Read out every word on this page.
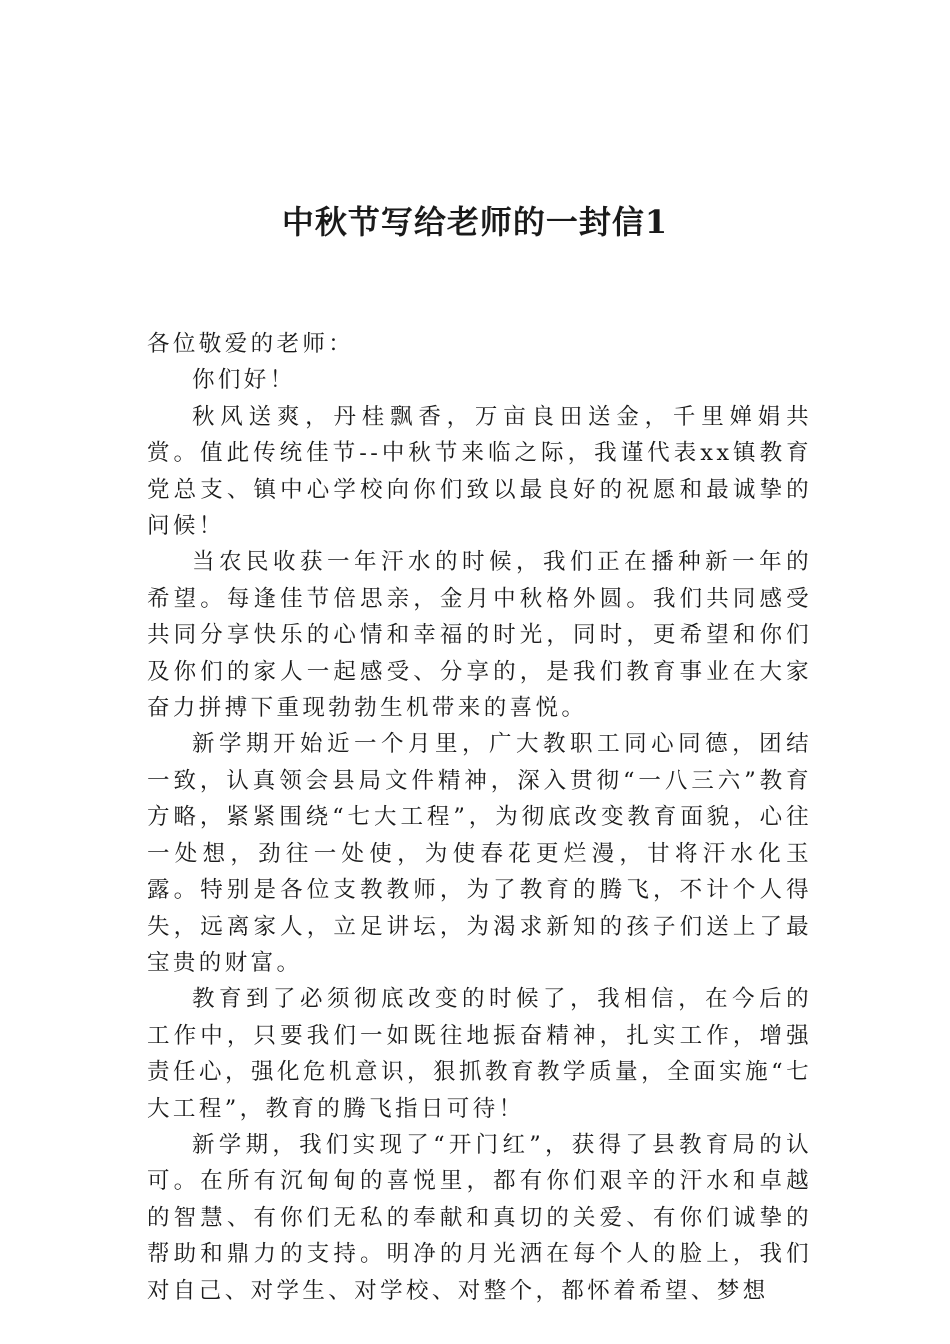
中秋节写给老师的一封信1

各位敬爱的老师：

你们好！

秋风送爽，丹桂飘香，万亩良田送金，千里婵娟共赏。值此传统佳节--中秋节来临之际，我谨代表xx镇教育党总支、镇中心学校向你们致以最良好的祝愿和最诚挚的问候！

当农民收获一年汗水的时候，我们正在播种新一年的希望。每逢佳节倍思亲，金月中秋格外圆。我们共同感受共同分享快乐的心情和幸福的时光，同时，更希望和你们及你们的家人一起感受、分享的，是我们教育事业在大家奋力拼搏下重现勃勃生机带来的喜悦。

新学期开始近一个月里，广大教职工同心同德，团结一致，认真领会县局文件精神，深入贯彻“一八三六”教育方略，紧紧围绕“七大工程”，为彻底改变教育面貌，心往一处想，劲往一处使，为使春花更烂漫，甘将汗水化玉露。特别是各位支教教师，为了教育的腾飞，不计个人得失，远离家人，立足讲坛，为渴求新知的孩子们送上了最宝贵的财富。

教育到了必须彻底改变的时候了，我相信，在今后的工作中，只要我们一如既往地振奋精神，扎实工作，增强责任心，强化危机意识，狠抓教育教学质量，全面实施“七大工程”，教育的腾飞指日可待！

新学期，我们实现了“开门红”，获得了县教育局的认可。在所有沉甸甸的喜悦里，都有你们艰辛的汗水和卓越的智慧、有你们无私的奉献和真切的关爱、有你们诚挚的帮助和鼎力的支持。明净的月光洒在每个人的脸上，我们对自己、对学生、对学校、对整个，都怀着希望、梦想
